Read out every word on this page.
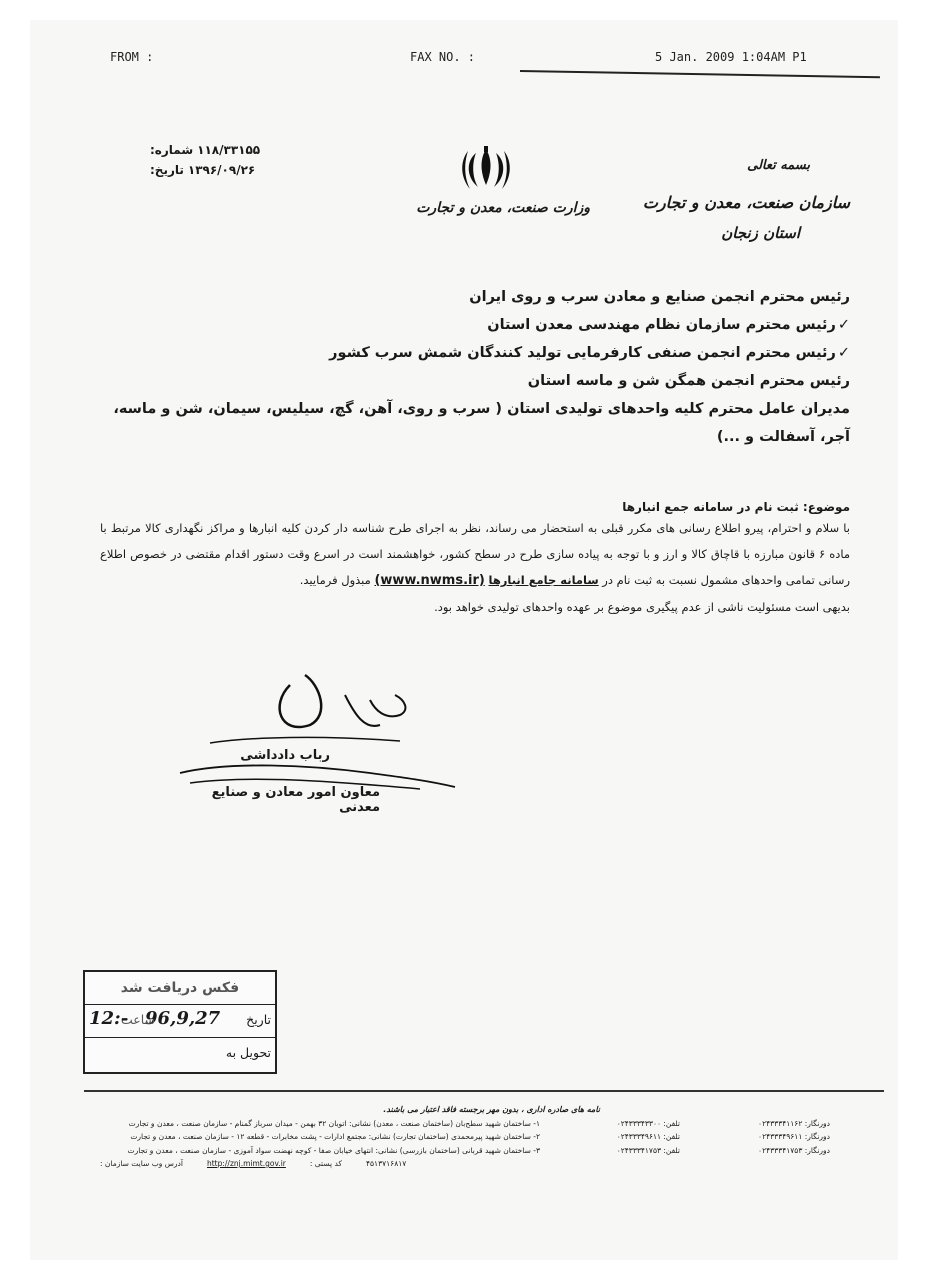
FROM :	FAX NO. :	5 Jan. 2009 1:04AM P1
شماره: ۱۱۸/۳۳۱۵۵
تاریخ: ۱۳۹۶/۰۹/۲۶
وزارت صنعت، معدن و تجارت
بسمه تعالی
سازمان صنعت، معدن و تجارت
استان زنجان
رئیس محترم انجمن صنایع و معادن سرب و روی ایران
✓رئیس محترم سازمان نظام مهندسی معدن استان
✓رئیس محترم انجمن صنفی کارفرمایی تولید کنندگان شمش سرب کشور
رئیس محترم انجمن همگن شن و ماسه استان
مدیران عامل محترم کلیه واحدهای تولیدی استان ( سرب و روی، آهن، گچ، سیلیس، سیمان، شن و ماسه، آجر، آسفالت و ...)
موضوع: ثبت نام در سامانه جمع انبارها
با سلام و احترام، پیرو اطلاع رسانی های مکرر قبلی به استحضار می رساند، نظر به اجرای طرح شناسه دار کردن کلیه انبارها و مراکز نگهداری کالا مرتبط با ماده ۶ قانون مبارزه با قاچاق کالا و ارز و با توجه به پیاده سازی طرح در سطح کشور، خواهشمند است در اسرع وقت دستور اقدام مقتضی در خصوص اطلاع رسانی تمامی واحدهای مشمول نسبت به ثبت نام در سامانه جامع انبارها (www.nwms.ir) مبذول فرمایید.
بدیهی است مسئولیت ناشی از عدم پیگیری موضوع بر عهده واحدهای تولیدی خواهد بود.
رباب دادداشی
معاون امور معادن و صنایع معدنی
فکس دریافت شد
تاریخ
96,9,27
ساعت
12:-
تحویل به
نامه های صادره اداری ، بدون مهر برجسته فاقد اعتبار می باشند.
۱- ساختمان شهید سطح‌بان (ساختمان صنعت ، معدن) نشانی: اتوبان ۳۲ بهمن - میدان سرباز گمنام - سازمان صنعت ، معدن و تجارت	تلفن: ۰۲۴۳۳۳۴۳۳۰۰	دورنگار: ۰۲۴۳۳۳۴۱۱۶۲
۲- ساختمان شهید پیرمحمدی (ساختمان تجارت) نشانی: مجتمع ادارات - پشت مخابرات - قطعه ۱۲ - سازمان صنعت ، معدن و تجارت	تلفن: ۰۲۴۳۳۳۴۹۶۱۱	دورنگار: ۰۲۴۳۳۳۴۹۶۱۱
۳- ساختمان شهید قربانی (ساختمان بازرسی) نشانی: انتهای خیابان صفا - کوچه نهضت سواد آموزی - سازمان صنعت ، معدن و تجارت	تلفن: ۰۲۴۳۳۳۴۱۷۵۳	دورنگار: ۰۲۴۳۳۳۴۱۷۵۳
آدرس وب سایت سازمان :	http://znj.mimt.gov.ir	کد پستی :	۴۵۱۳۷۱۶۸۱۷
